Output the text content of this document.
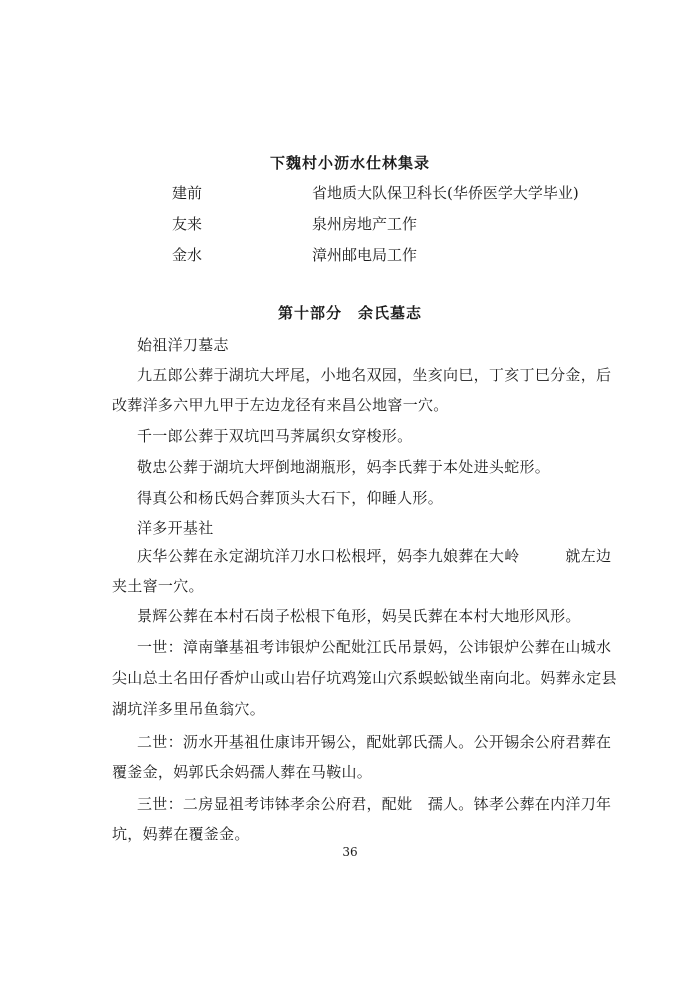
下魏村小沥水仕林集录
建前	省地质大队保卫科长(华侨医学大学毕业)
友来	泉州房地产工作
金水	漳州邮电局工作
第十部分　余氏墓志
始祖洋刀墓志
九五郎公葬于湖坑大坪尾，小地名双园，坐亥向巳，丁亥丁巳分金，后
改葬洋多六甲九甲于左边龙径有来昌公地窨一穴。
千一郎公葬于双坑凹马荠属织女穿梭形。
敬忠公葬于湖坑大坪倒地湖瓶形，妈李氏葬于本处进头蛇形。
得真公和杨氏妈合葬顶头大石下，仰睡人形。
洋多开基社
庆华公葬在永定湖坑洋刀水口松根坪，妈李九娘葬在大岭　　　就左边
夹土窨一穴。
景辉公葬在本村石岗子松根下龟形，妈吴氏葬在本村大地形风形。
一世：漳南肇基祖考讳银炉公配妣江氏吊景妈，公讳银炉公葬在山城水
尖山总土名田仔香炉山或山岩仔坑鸡笼山穴系蜈蚣钺坐南向北。妈葬永定县
湖坑洋多里吊鱼翁穴。
二世：沥水开基祖仕康讳开锡公，配妣郭氏孺人。公开锡余公府君葬在
覆釜金，妈郭氏余妈孺人葬在马鞍山。
三世：二房显祖考讳钵孝余公府君，配妣　孺人。钵孝公葬在内洋刀年
坑，妈葬在覆釜金。
36
